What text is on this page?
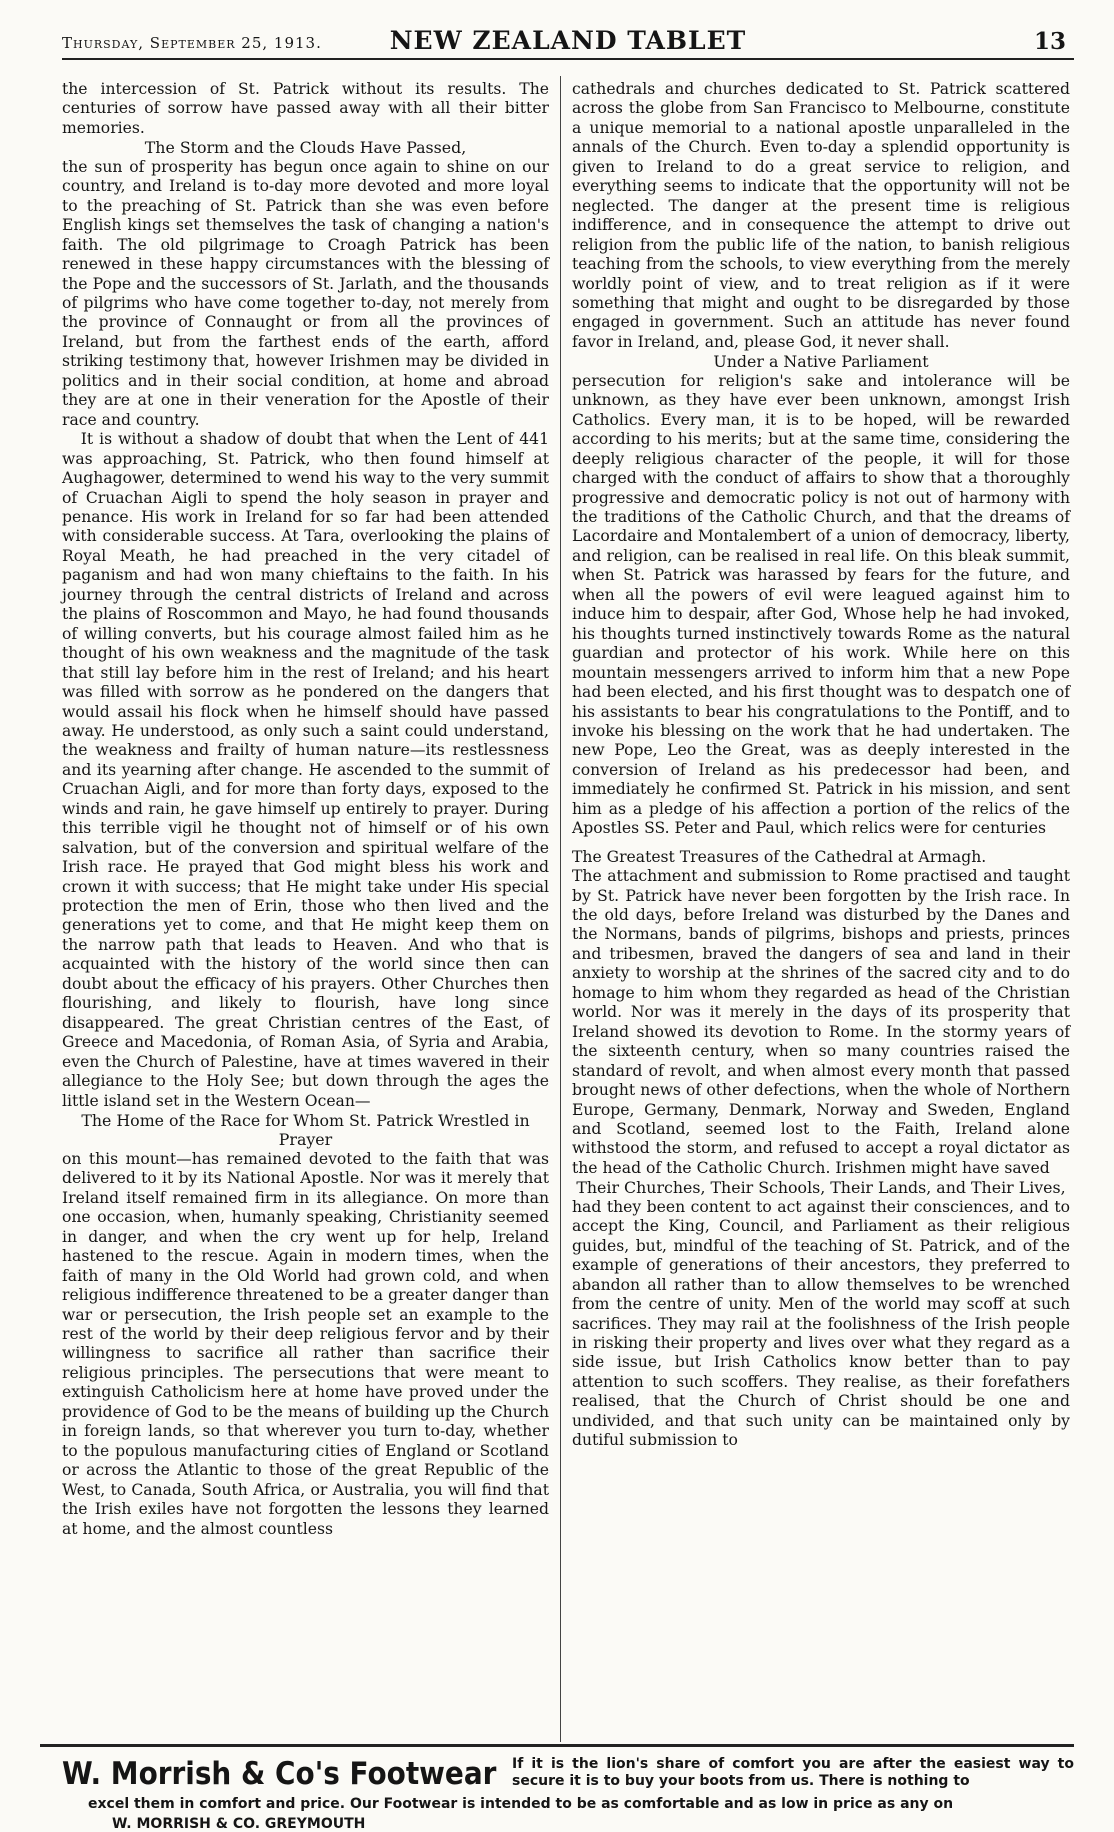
Thursday, September 25, 1913.	NEW ZEALAND TABLET	13

the intercession of St. Patrick without its results. The centuries of sorrow have passed away with all their bitter memories.

The Storm and the Clouds Have Passed,

the sun of prosperity has begun once again to shine on our country, and Ireland is to-day more devoted and more loyal to the preaching of St. Patrick than she was even before English kings set themselves the task of changing a nation's faith. The old pilgrimage to Croagh Patrick has been renewed in these happy circumstances with the blessing of the Pope and the successors of St. Jarlath, and the thousands of pilgrims who have come together to-day, not merely from the province of Connaught or from all the provinces of Ireland, but from the farthest ends of the earth, afford striking testimony that, however Irishmen may be divided in politics and in their social condition, at home and abroad they are at one in their veneration for the Apostle of their race and country.

It is without a shadow of doubt that when the Lent of 441 was approaching, St. Patrick, who then found himself at Aughagower, determined to wend his way to the very summit of Cruachan Aigli to spend the holy season in prayer and penance. His work in Ireland for so far had been attended with considerable success. At Tara, overlooking the plains of Royal Meath, he had preached in the very citadel of paganism and had won many chieftains to the faith. In his journey through the central districts of Ireland and across the plains of Roscommon and Mayo, he had found thousands of willing converts, but his courage almost failed him as he thought of his own weakness and the magnitude of the task that still lay before him in the rest of Ireland; and his heart was filled with sorrow as he pondered on the dangers that would assail his flock when he himself should have passed away. He understood, as only such a saint could understand, the weakness and frailty of human nature—its restlessness and its yearning after change. He ascended to the summit of Cruachan Aigli, and for more than forty days, exposed to the winds and rain, he gave himself up entirely to prayer. During this terrible vigil he thought not of himself or of his own salvation, but of the conversion and spiritual welfare of the Irish race. He prayed that God might bless his work and crown it with success; that He might take under His special protection the men of Erin, those who then lived and the generations yet to come, and that He might keep them on the narrow path that leads to Heaven. And who that is acquainted with the history of the world since then can doubt about the efficacy of his prayers. Other Churches then flourishing, and likely to flourish, have long since disappeared. The great Christian centres of the East, of Greece and Macedonia, of Roman Asia, of Syria and Arabia, even the Church of Palestine, have at times wavered in their allegiance to the Holy See; but down through the ages the little island set in the Western Ocean—

The Home of the Race for Whom St. Patrick Wrestled in Prayer

on this mount—has remained devoted to the faith that was delivered to it by its National Apostle. Nor was it merely that Ireland itself remained firm in its allegiance. On more than one occasion, when, humanly speaking, Christianity seemed in danger, and when the cry went up for help, Ireland hastened to the rescue. Again in modern times, when the faith of many in the Old World had grown cold, and when religious indifference threatened to be a greater danger than war or persecution, the Irish people set an example to the rest of the world by their deep religious fervor and by their willingness to sacrifice all rather than sacrifice their religious principles. The persecutions that were meant to extinguish Catholicism here at home have proved under the providence of God to be the means of building up the Church in foreign lands, so that wherever you turn to-day, whether to the populous manufacturing cities of England or Scotland or across the Atlantic to those of the great Republic of the West, to Canada, South Africa, or Australia, you will find that the Irish exiles have not forgotten the lessons they learned at home, and the almost countless

cathedrals and churches dedicated to St. Patrick scattered across the globe from San Francisco to Melbourne, constitute a unique memorial to a national apostle unparalleled in the annals of the Church. Even to-day a splendid opportunity is given to Ireland to do a great service to religion, and everything seems to indicate that the opportunity will not be neglected. The danger at the present time is religious indifference, and in consequence the attempt to drive out religion from the public life of the nation, to banish religious teaching from the schools, to view everything from the merely worldly point of view, and to treat religion as if it were something that might and ought to be disregarded by those engaged in government. Such an attitude has never found favor in Ireland, and, please God, it never shall.

Under a Native Parliament

persecution for religion's sake and intolerance will be unknown, as they have ever been unknown, amongst Irish Catholics. Every man, it is to be hoped, will be rewarded according to his merits; but at the same time, considering the deeply religious character of the people, it will for those charged with the conduct of affairs to show that a thoroughly progressive and democratic policy is not out of harmony with the traditions of the Catholic Church, and that the dreams of Lacordaire and Montalembert of a union of democracy, liberty, and religion, can be realised in real life. On this bleak summit, when St. Patrick was harassed by fears for the future, and when all the powers of evil were leagued against him to induce him to despair, after God, Whose help he had invoked, his thoughts turned instinctively towards Rome as the natural guardian and protector of his work. While here on this mountain messengers arrived to inform him that a new Pope had been elected, and his first thought was to despatch one of his assistants to bear his congratulations to the Pontiff, and to invoke his blessing on the work that he had undertaken. The new Pope, Leo the Great, was as deeply interested in the conversion of Ireland as his predecessor had been, and immediately he confirmed St. Patrick in his mission, and sent him as a pledge of his affection a portion of the relics of the Apostles SS. Peter and Paul, which relics were for centuries

The Greatest Treasures of the Cathedral at Armagh.

The attachment and submission to Rome practised and taught by St. Patrick have never been forgotten by the Irish race. In the old days, before Ireland was disturbed by the Danes and the Normans, bands of pilgrims, bishops and priests, princes and tribesmen, braved the dangers of sea and land in their anxiety to worship at the shrines of the sacred city and to do homage to him whom they regarded as head of the Christian world. Nor was it merely in the days of its prosperity that Ireland showed its devotion to Rome. In the stormy years of the sixteenth century, when so many countries raised the standard of revolt, and when almost every month that passed brought news of other defections, when the whole of Northern Europe, Germany, Denmark, Norway and Sweden, England and Scotland, seemed lost to the Faith, Ireland alone withstood the storm, and refused to accept a royal dictator as the head of the Catholic Church. Irishmen might have saved

Their Churches, Their Schools, Their Lands, and Their Lives,

had they been content to act against their consciences, and to accept the King, Council, and Parliament as their religious guides, but, mindful of the teaching of St. Patrick, and of the example of generations of their ancestors, they preferred to abandon all rather than to allow themselves to be wrenched from the centre of unity. Men of the world may scoff at such sacrifices. They may rail at the foolishness of the Irish people in risking their property and lives over what they regard as a side issue, but Irish Catholics know better than to pay attention to such scoffers. They realise, as their forefathers realised, that the Church of Christ should be one and undivided, and that such unity can be maintained only by dutiful submission to

W. Morrish & Co's Footwear If it is the lion's share of comfort you are after the easiest way to secure it is to buy your boots from us. There is nothing to
excel them in comfort and price. Our Footwear is intended to be as comfortable and as low in price as any on
W. MORRISH & CO. GREYMOUTH
